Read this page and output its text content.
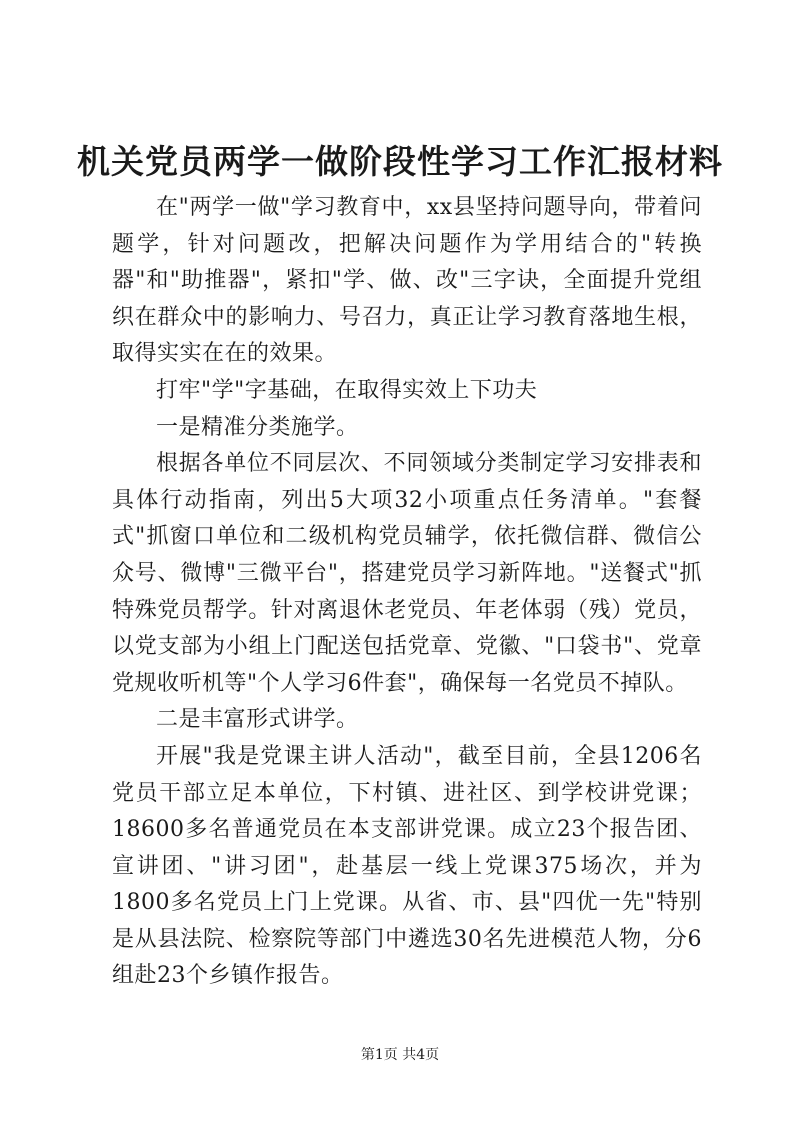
机关党员两学一做阶段性学习工作汇报材料

在"两学一做"学习教育中，xx县坚持问题导向，带着问题学，针对问题改，把解决问题作为学用结合的"转换器"和"助推器"，紧扣"学、做、改"三字诀，全面提升党组织在群众中的影响力、号召力，真正让学习教育落地生根，取得实实在在的效果。

打牢"学"字基础，在取得实效上下功夫

一是精准分类施学。

根据各单位不同层次、不同领域分类制定学习安排表和具体行动指南，列出5大项32小项重点任务清单。"套餐式"抓窗口单位和二级机构党员辅学，依托微信群、微信公众号、微博"三微平台"，搭建党员学习新阵地。"送餐式"抓特殊党员帮学。针对离退休老党员、年老体弱（残）党员，以党支部为小组上门配送包括党章、党徽、"口袋书"、党章党规收听机等"个人学习6件套"，确保每一名党员不掉队。

二是丰富形式讲学。

开展"我是党课主讲人活动"，截至目前，全县1206名党员干部立足本单位，下村镇、进社区、到学校讲党课；18600多名普通党员在本支部讲党课。成立23个报告团、宣讲团、"讲习团"，赴基层一线上党课375场次，并为1800多名党员上门上党课。从省、市、县"四优一先"特别是从县法院、检察院等部门中遴选30名先进模范人物，分6组赴23个乡镇作报告。

第1页 共4页
